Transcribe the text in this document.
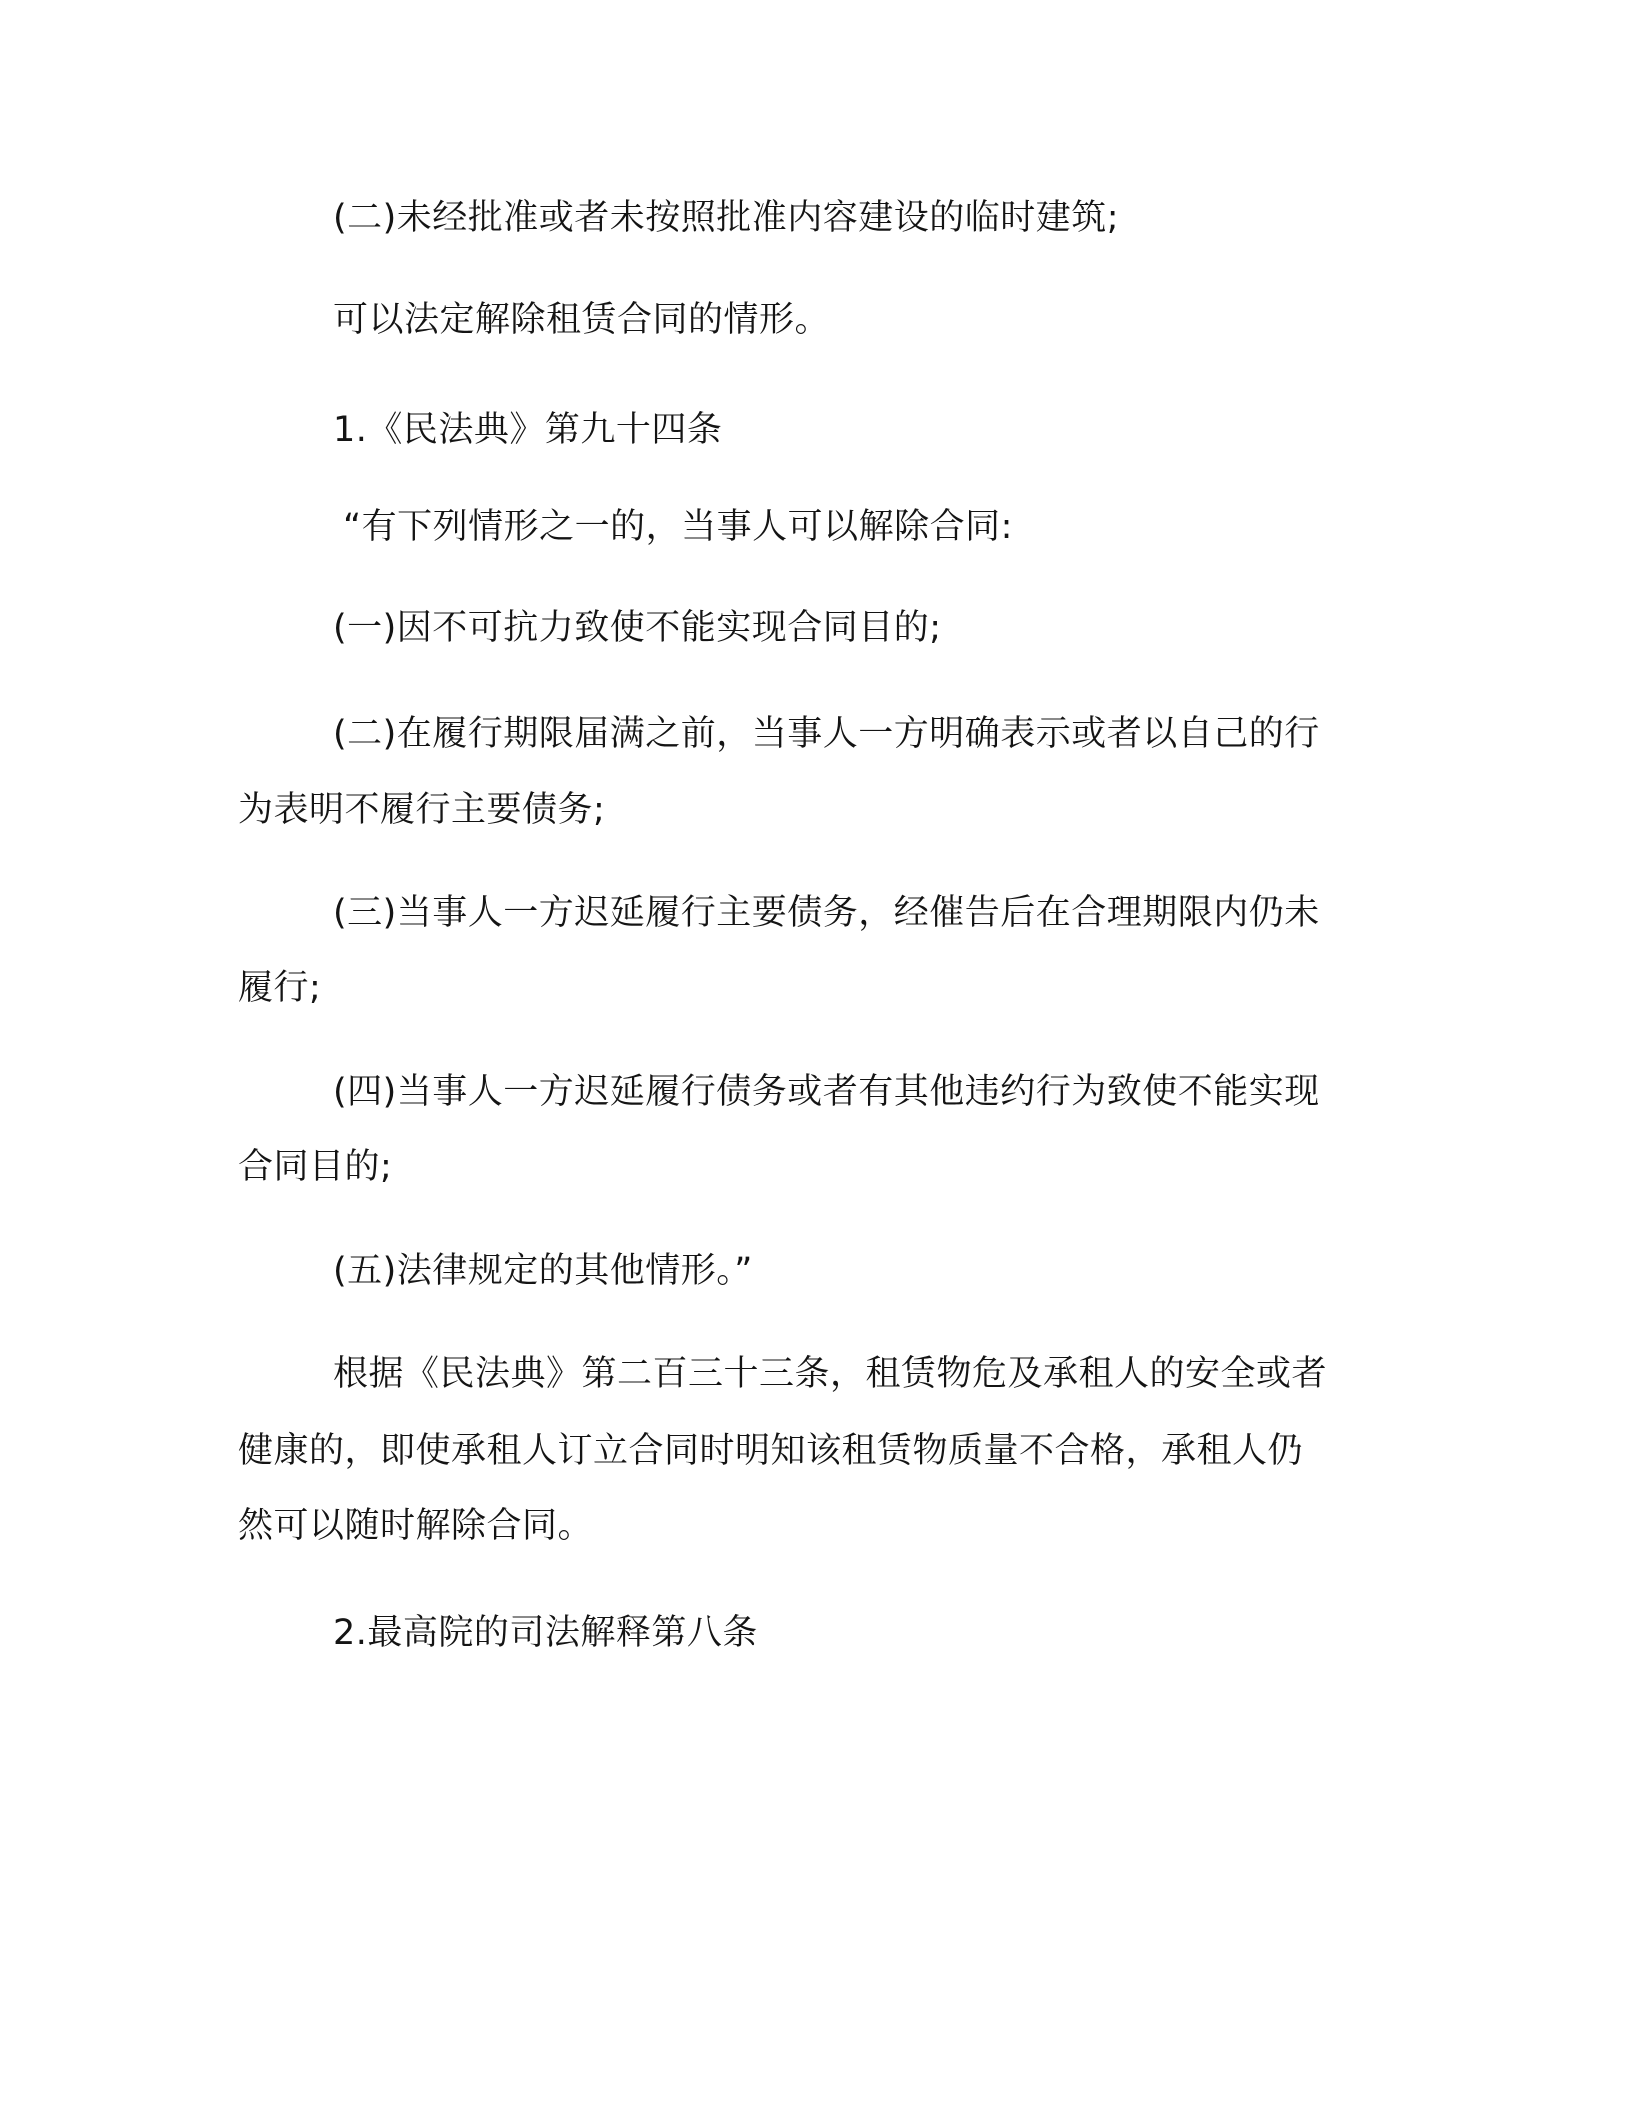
(二)未经批准或者未按照批准内容建设的临时建筑;
可以法定解除租赁合同的情形。
1.《民法典》第九十四条
“有下列情形之一的，当事人可以解除合同:
(一)因不可抗力致使不能实现合同目的;
(二)在履行期限届满之前，当事人一方明确表示或者以自己的行
为表明不履行主要债务;
(三)当事人一方迟延履行主要债务，经催告后在合理期限内仍未
履行;
(四)当事人一方迟延履行债务或者有其他违约行为致使不能实现
合同目的;
(五)法律规定的其他情形。”
根据《民法典》第二百三十三条，租赁物危及承租人的安全或者
健康的，即使承租人订立合同时明知该租赁物质量不合格，承租人仍
然可以随时解除合同。
2.最高院的司法解释第八条
